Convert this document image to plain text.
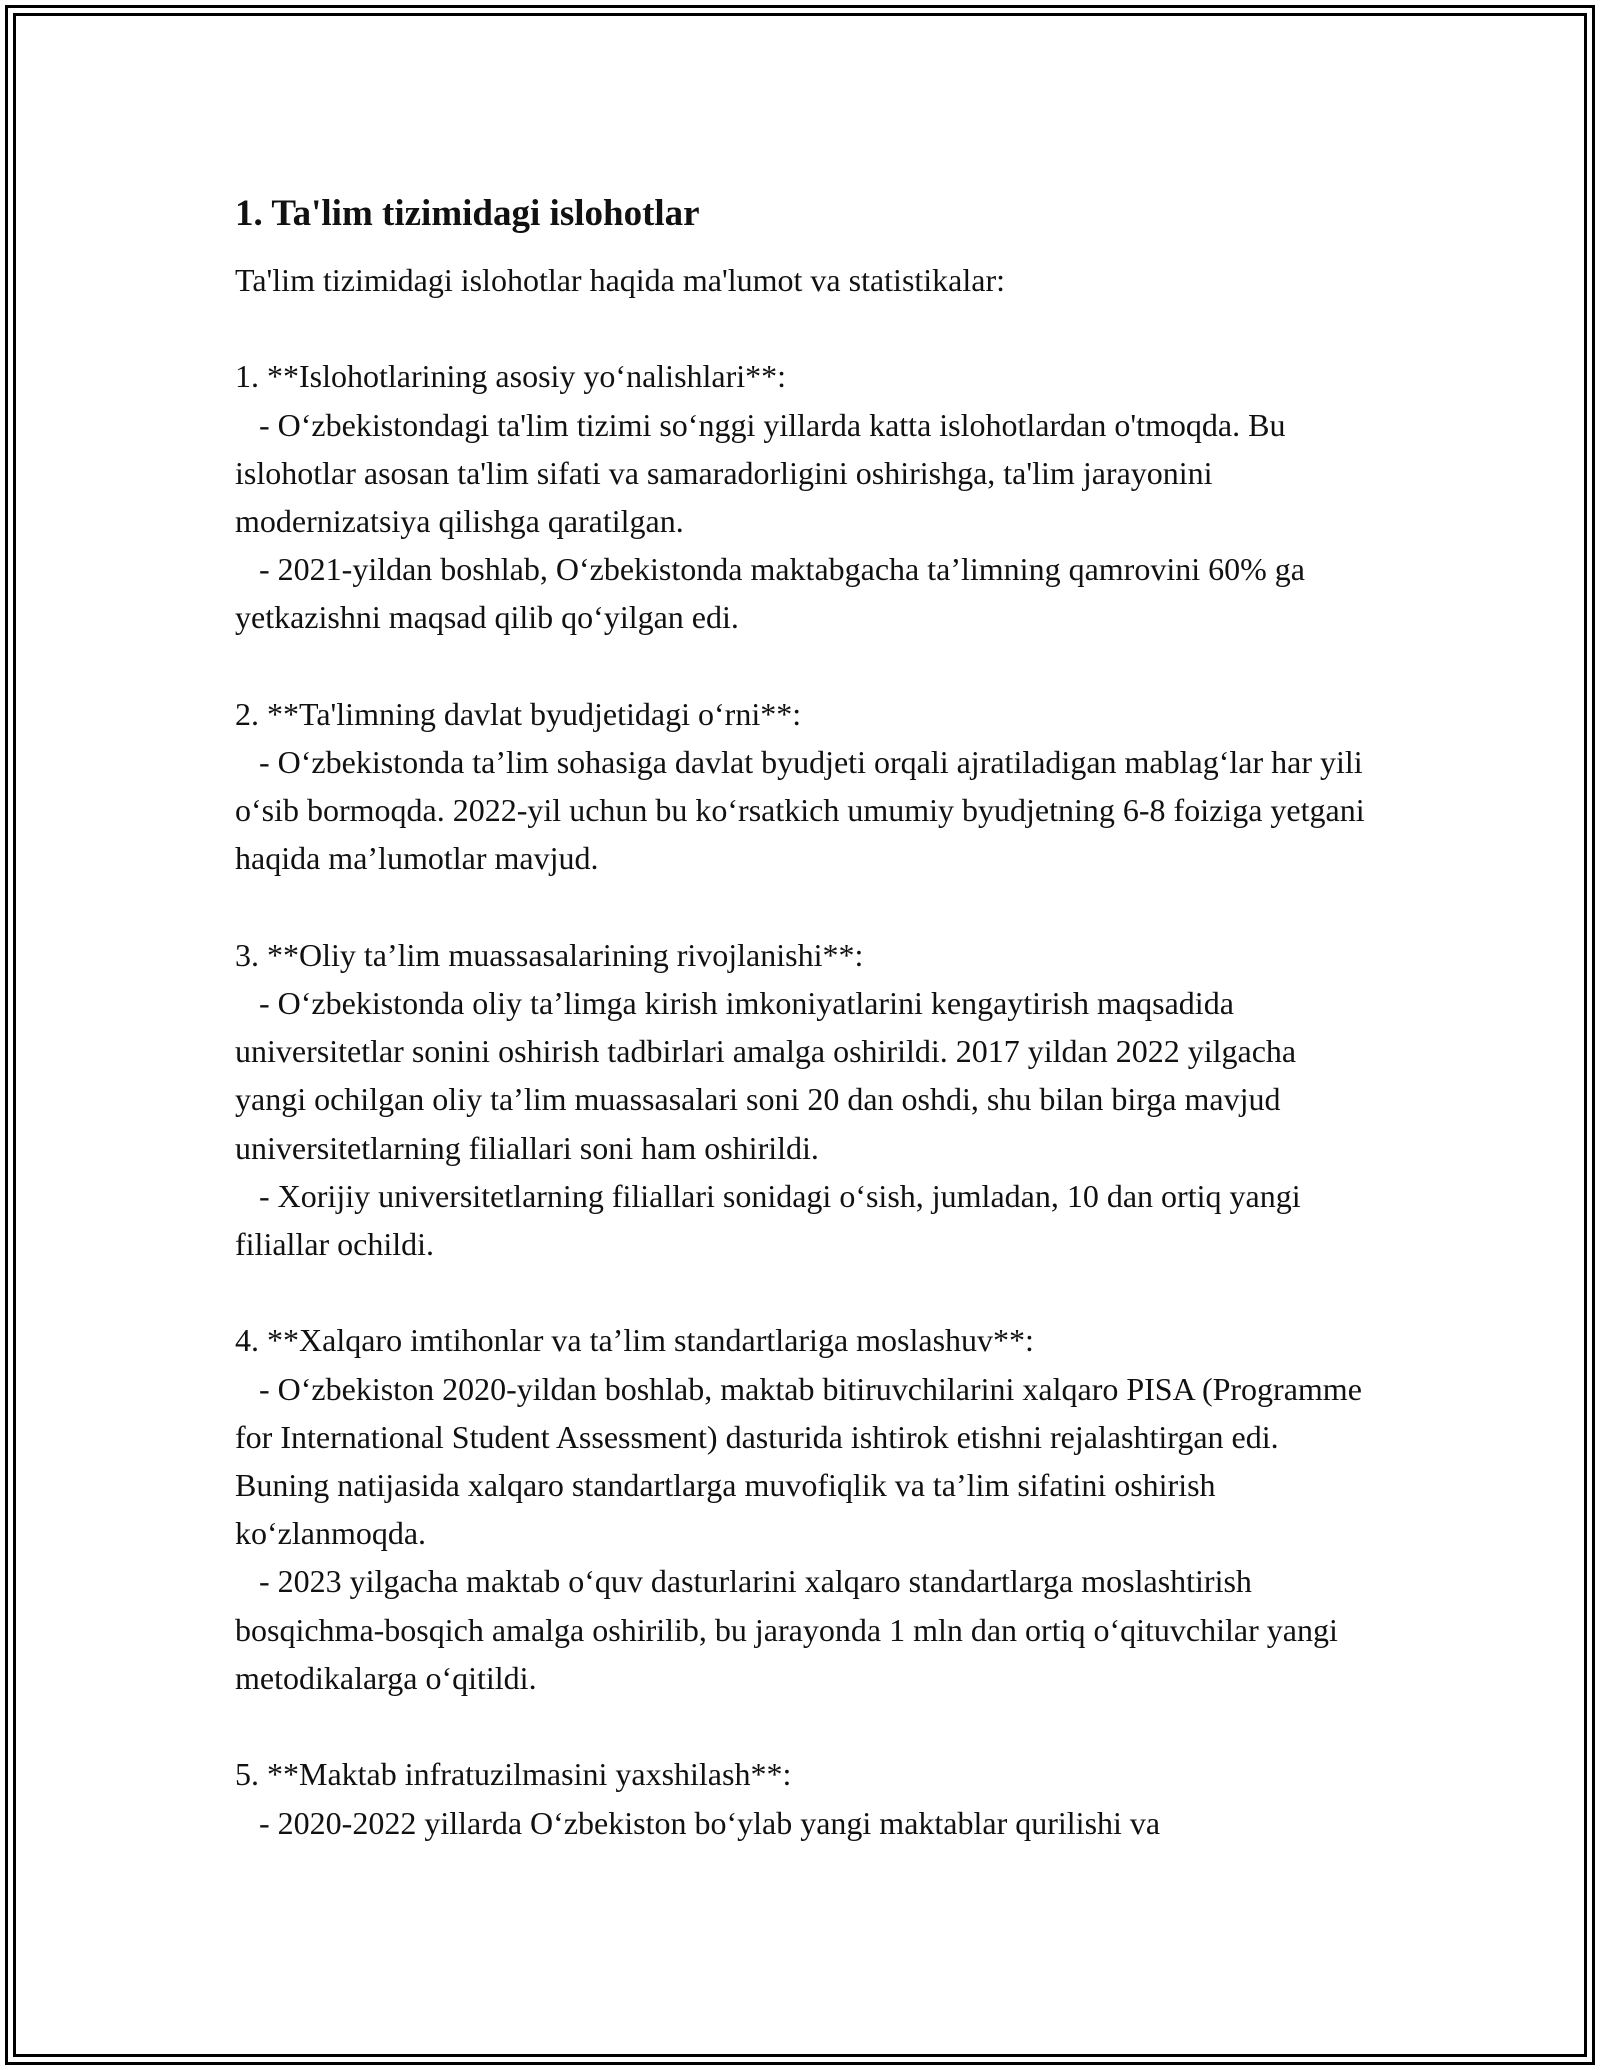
1. Ta'lim tizimidagi islohotlar
Ta'lim tizimidagi islohotlar haqida ma'lumot va statistikalar:

1. **Islohotlarining asosiy yo‘nalishlari**:
- O‘zbekistondagi ta'lim tizimi so‘nggi yillarda katta islohotlardan o'tmoqda. Bu islohotlar asosan ta'lim sifati va samaradorligini oshirishga, ta'lim jarayonini modernizatsiya qilishga qaratilgan.
- 2021-yildan boshlab, O‘zbekistonda maktabgacha ta’limning qamrovini 60% ga yetkazishni maqsad qilib qo‘yilgan edi.

2. **Ta'limning davlat byudjetidagi o‘rni**:
- O‘zbekistonda ta’lim sohasiga davlat byudjeti orqali ajratiladigan mablag‘lar har yili o‘sib bormoqda. 2022-yil uchun bu ko‘rsatkich umumiy byudjetning 6-8 foiziga yetgani haqida ma’lumotlar mavjud.

3. **Oliy ta’lim muassasalarining rivojlanishi**:
- O‘zbekistonda oliy ta’limga kirish imkoniyatlarini kengaytirish maqsadida universitetlar sonini oshirish tadbirlari amalga oshirildi. 2017 yildan 2022 yilgacha yangi ochilgan oliy ta’lim muassasalari soni 20 dan oshdi, shu bilan birga mavjud universitetlarning filiallari soni ham oshirildi.
- Xorijiy universitetlarning filiallari sonidagi o‘sish, jumladan, 10 dan ortiq yangi filiallar ochildi.

4. **Xalqaro imtihonlar va ta’lim standartlariga moslashuv**:
- O‘zbekiston 2020-yildan boshlab, maktab bitiruvchilarini xalqaro PISA (Programme for International Student Assessment) dasturida ishtirok etishni rejalashtirgan edi. Buning natijasida xalqaro standartlarga muvofiqlik va ta’lim sifatini oshirish ko‘zlanmoqda.
- 2023 yilgacha maktab o‘quv dasturlarini xalqaro standartlarga moslashtirish bosqichma-bosqich amalga oshirilib, bu jarayonda 1 mln dan ortiq o‘qituvchilar yangi metodikalarga o‘qitildi.

5. **Maktab infratuzilmasini yaxshilash**:
- 2020-2022 yillarda O‘zbekiston bo‘ylab yangi maktablar qurilishi va
